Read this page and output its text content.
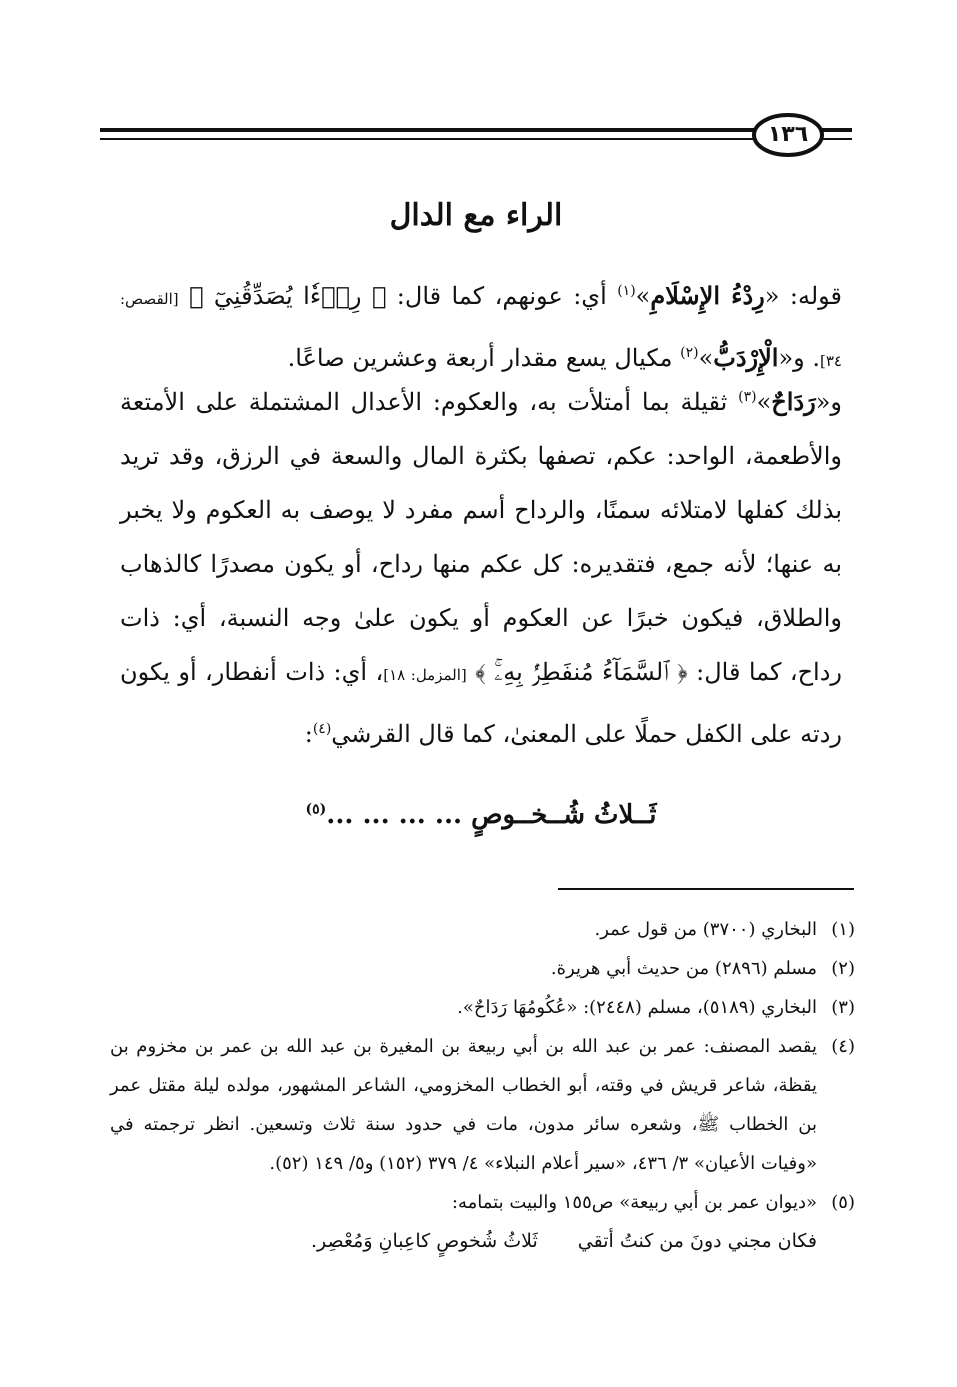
١٣٦
الراء مع الدال
قوله: «رِدْءُ الإِسْلَامِ»$^{(١)}$ أي: عونهم، كما قال: ﴿ رِدۡءٗا يُصَدِّقُنِيٓ ﴾ [القصص: ٣٤]. و«الْإِرْدَبُّ»$^{(٢)}$ مكيال يسع مقدار أربعة وعشرين صاعًا.
و«رَدَاحٌ»$^{(٣)}$ ثقيلة بما أمتلأت به، والعكوم: الأعدال المشتملة على الأمتعة والأطعمة، الواحد: عكم، تصفها بكثرة المال والسعة في الرزق، وقد تريد بذلك كفلها لامتلائه سمنًا، والرداح أسم مفرد لا يوصف به العكوم ولا يخبر به عنها؛ لأنه جمع، فتقديره: كل عكم منها رداح، أو يكون مصدرًا كالذهاب والطلاق، فيكون خبرًا عن العكوم أو يكون علىٰ وجه النسبة، أي: ذات رداح، كما قال: ﴿ ٱلسَّمَآءُ مُنفَطِرُۢ بِهِۦۚ ﴾ [المزمل: ١٨]، أي: ذات أنفطار، أو يكون ردته على الكفل حملًا على المعنىٰ، كما قال القرشي$^{(٤)}$:
ثَــلاثُ شُــخــوصٍ ... ... ... ...$^{(٥)}$
(١)
البخاري (٣٧٠٠) من قول عمر.
(٢)
مسلم (٢٨٩٦) من حديث أبي هريرة.
(٣)
البخاري (٥١٨٩)، مسلم (٢٤٤٨): «عُكُومُهَا رَدَاحٌ».
(٤)
يقصد المصنف: عمر بن عبد الله بن أبي ربيعة بن المغيرة بن عبد الله بن عمر بن مخزوم بن يقظة، شاعر قريش في وقته، أبو الخطاب المخزومي، الشاعر المشهور، مولده ليلة مقتل عمر بن الخطاب ﷺ، وشعره سائر مدون، مات في حدود سنة ثلاث وتسعين. انظر ترجمته في «وفيات الأعيان» ٣/ ٤٣٦، «سير أعلام النبلاء» ٤/ ٣٧٩ (١٥٢) و٥/ ١٤٩ (٥٢).
(٥)
«ديوان عمر بن أبي ربيعة» ص١٥٥ والبيت بتمامه:
فكان مجني دونَ من كنتُ أتقي
ثَلاثُ شُخوصٍ كاعِبانِ وَمُعْصِر.
